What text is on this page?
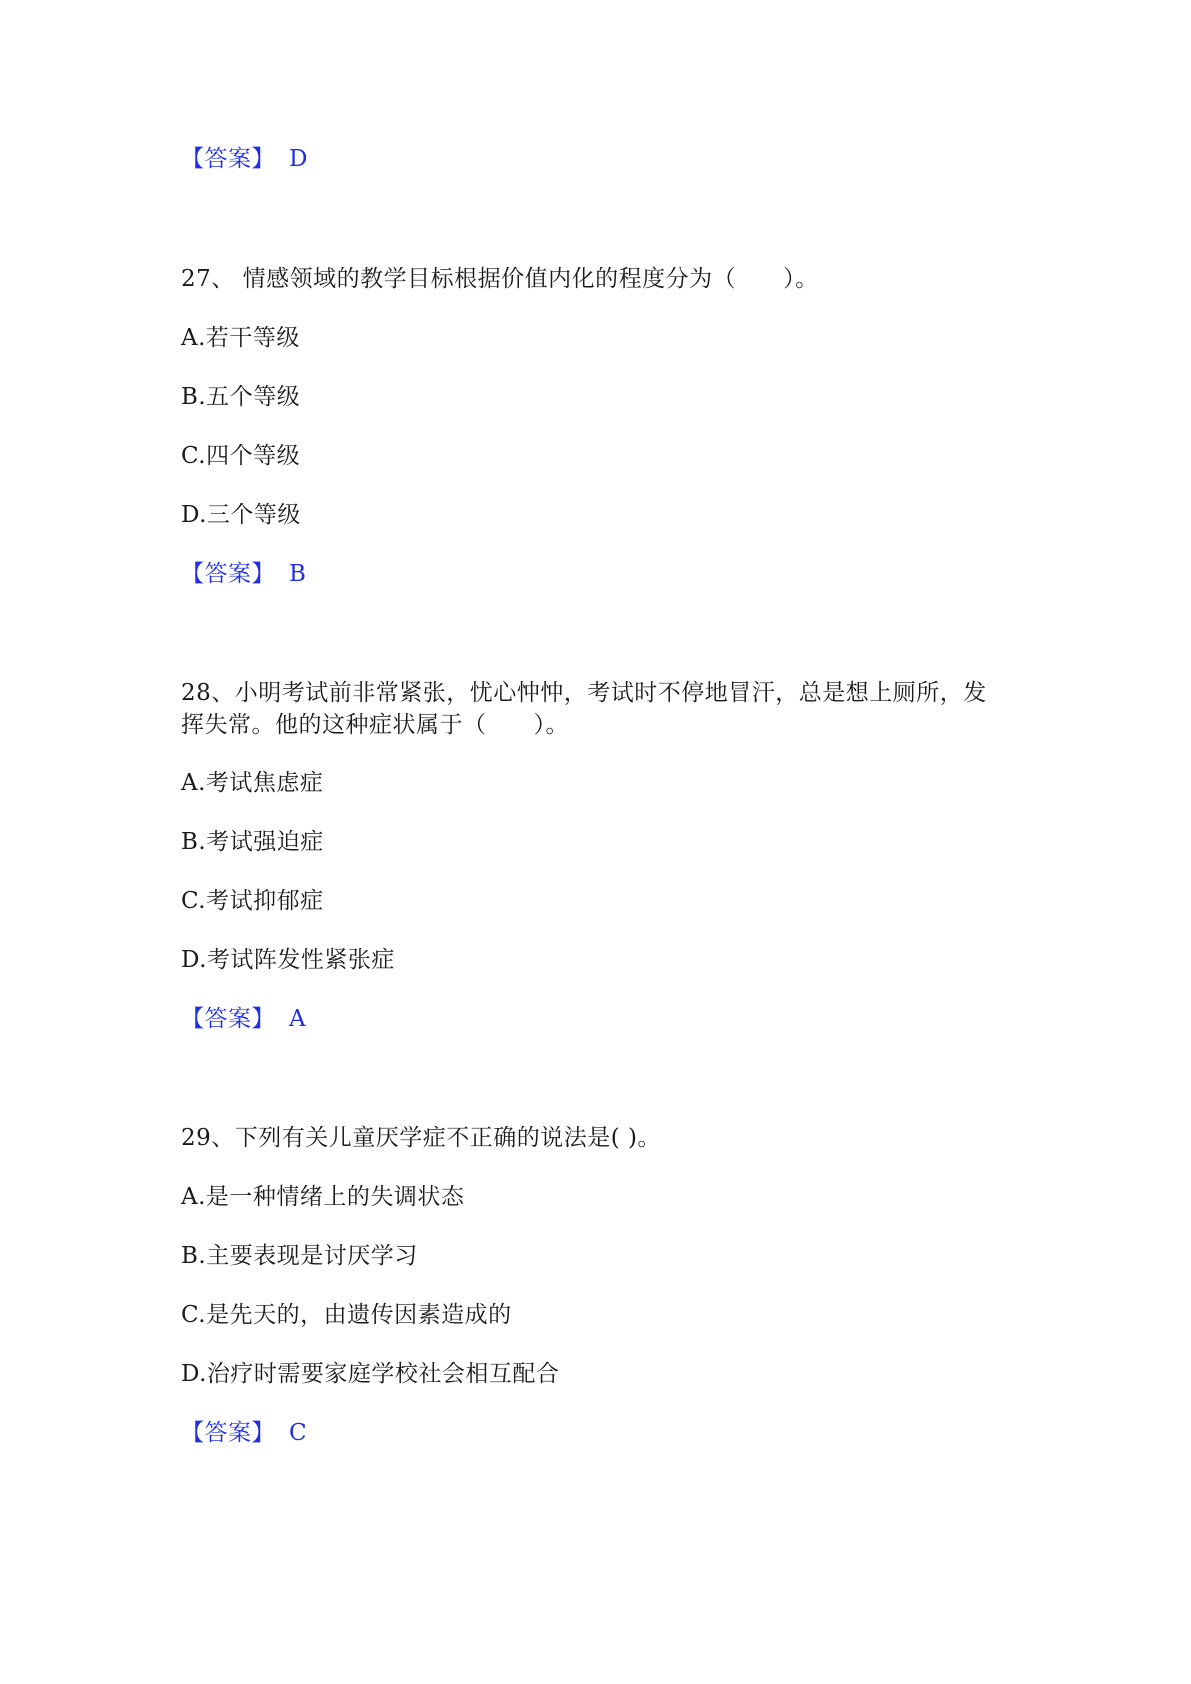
【答案】 D
27、 情感领域的教学目标根据价值内化的程度分为（　　）。
A.若干等级
B.五个等级
C.四个等级
D.三个等级
【答案】 B
28、小明考试前非常紧张，忧心忡忡，考试时不停地冒汗，总是想上厕所，发
挥失常。他的这种症状属于（　　）。
A.考试焦虑症
B.考试强迫症
C.考试抑郁症
D.考试阵发性紧张症
【答案】 A
29、下列有关儿童厌学症不正确的说法是( )。
A.是一种情绪上的失调状态
B.主要表现是讨厌学习
C.是先天的，由遗传因素造成的
D.治疗时需要家庭学校社会相互配合
【答案】 C
